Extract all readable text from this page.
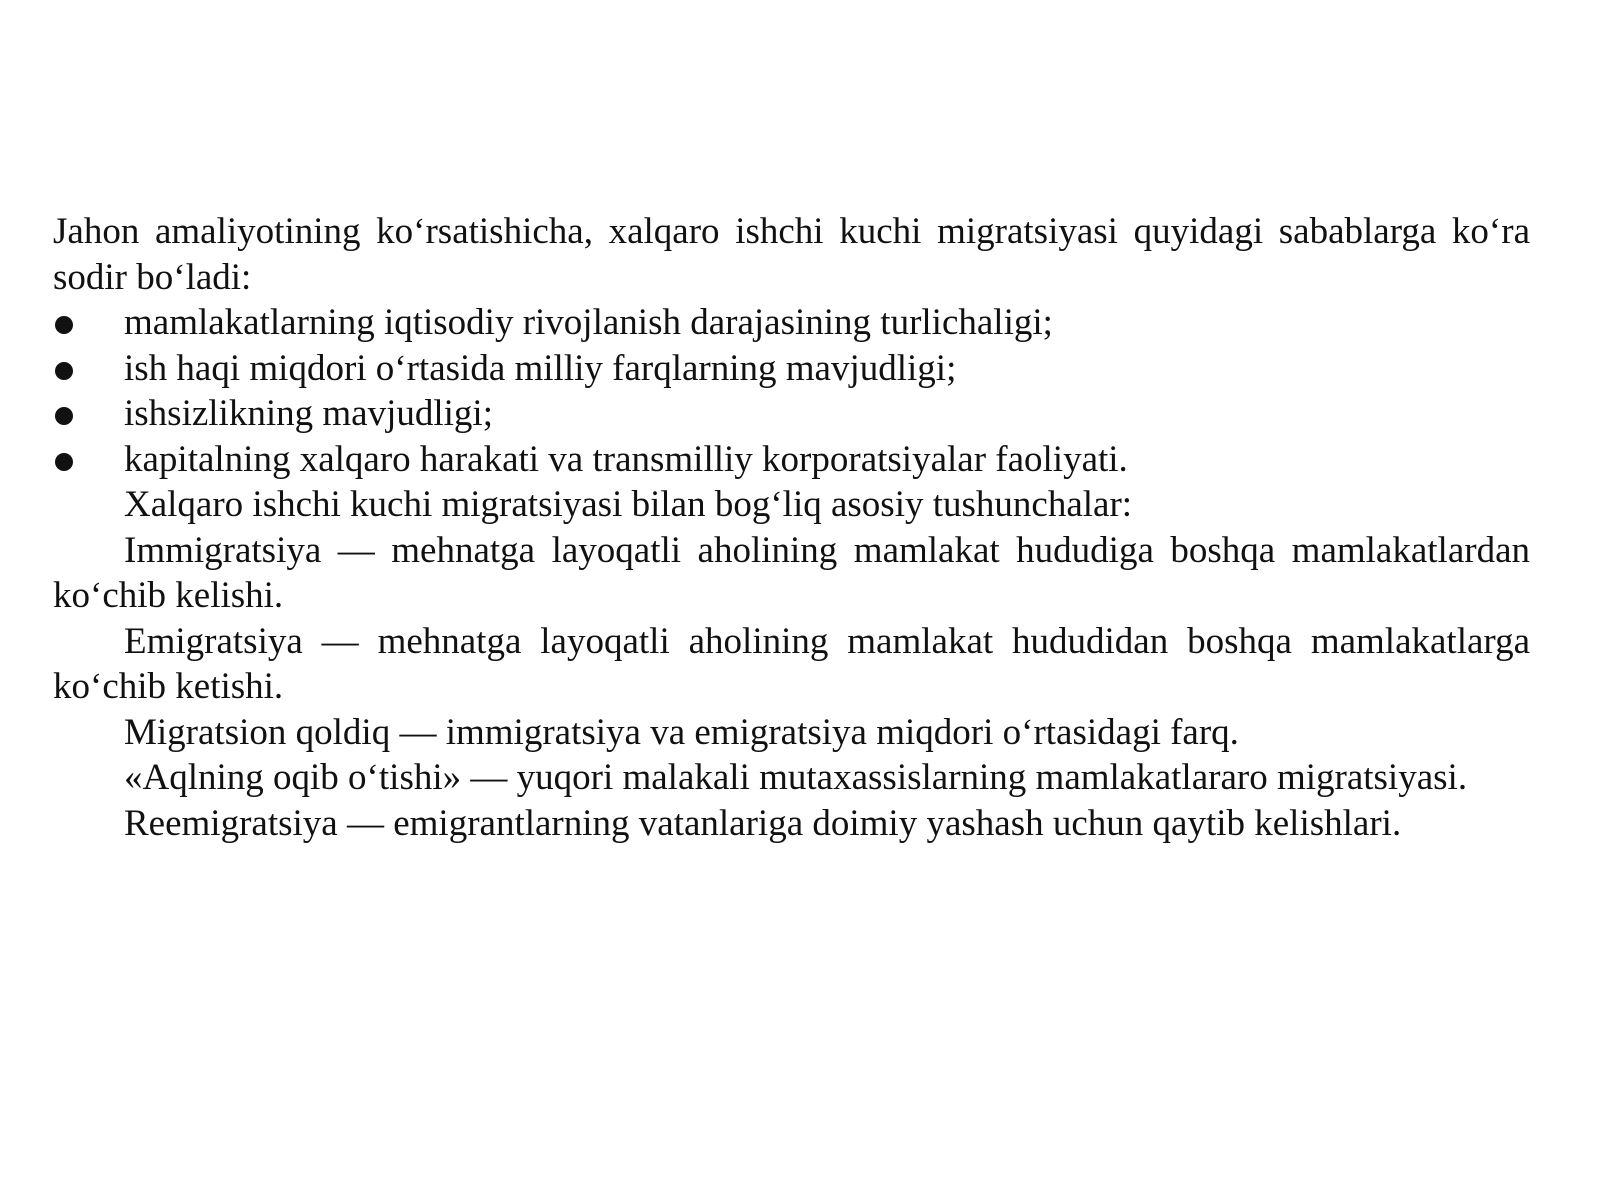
Jahon amaliyotining ko‘rsatishicha, xalqaro ishchi kuchi migratsiyasi quyidagi sabablarga ko‘ra sodir bo‘ladi:

mamlakatlarning iqtisodiy rivojlanish darajasining turlichaligi;
ish haqi miqdori o‘rtasida milliy farqlarning mavjudligi;
ishsizlikning mavjudligi;
kapitalning xalqaro harakati va transmilliy korporatsiyalar faoliyati.

Xalqaro ishchi kuchi migratsiyasi bilan bog‘liq asosiy tushunchalar:

Immigratsiya — mehnatga layoqatli aholining mamlakat hududiga boshqa mamlakatlardan ko‘chib kelishi.

Emigratsiya — mehnatga layoqatli aholining mamlakat hududidan boshqa mamlakatlarga ko‘chib ketishi.

Migratsion qoldiq — immigratsiya va emigratsiya miqdori o‘rtasidagi farq.

«Aqlning oqib o‘tishi» — yuqori malakali mutaxassislarning mamlakatlararo migratsiyasi.

Reemigratsiya — emigrantlarning vatanlariga doimiy yashash uchun qaytib kelishlari.
